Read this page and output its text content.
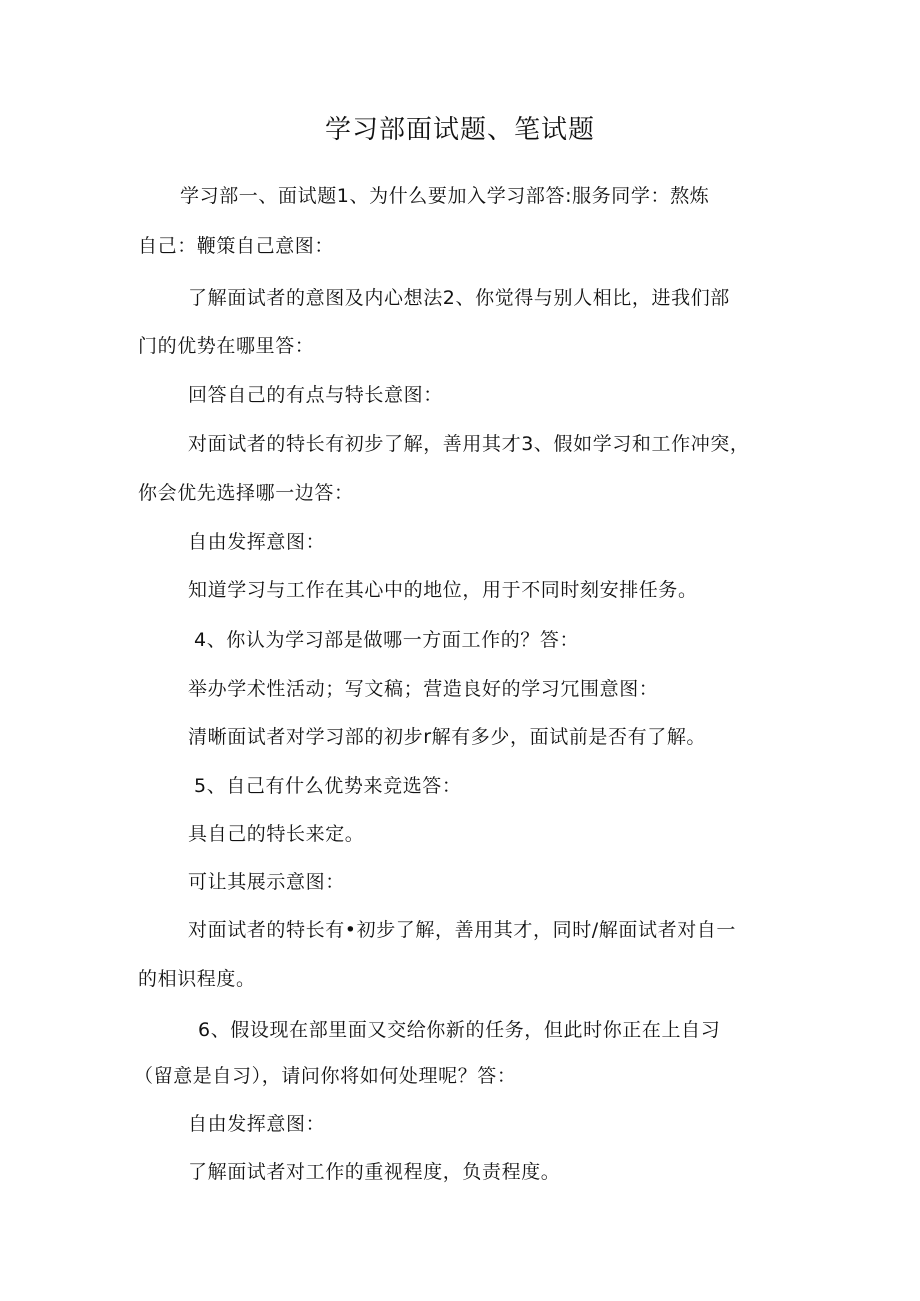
学习部面试题、笔试题
学习部一、面试题1、为什么要加入学习部答:服务同学：熬炼
自己：鞭策自己意图：
了解面试者的意图及内心想法2、你觉得与别人相比，进我们部
门的优势在哪里答：
回答自己的有点与特长意图：
对面试者的特长有初步了解，善用其才3、假如学习和工作冲突，
你会优先选择哪一边答：
自由发挥意图：
知道学习与工作在其心中的地位，用于不同时刻安排任务。
4、你认为学习部是做哪一方面工作的？答：
举办学术性活动；写文稿；营造良好的学习冗围意图：
清晰面试者对学习部的初步r解有多少，面试前是否有了解。
5、自己有什么优势来竞选答：
具自己的特长来定。
可让其展示意图：
对面试者的特长有•初步了解，善用其才，同时/解面试者对自一
的相识程度。
6、假设现在部里面又交给你新的任务，但此时你正在上自习
（留意是自习），请问你将如何处理呢？答：
自由发挥意图：
了解面试者对工作的重视程度，负责程度。
